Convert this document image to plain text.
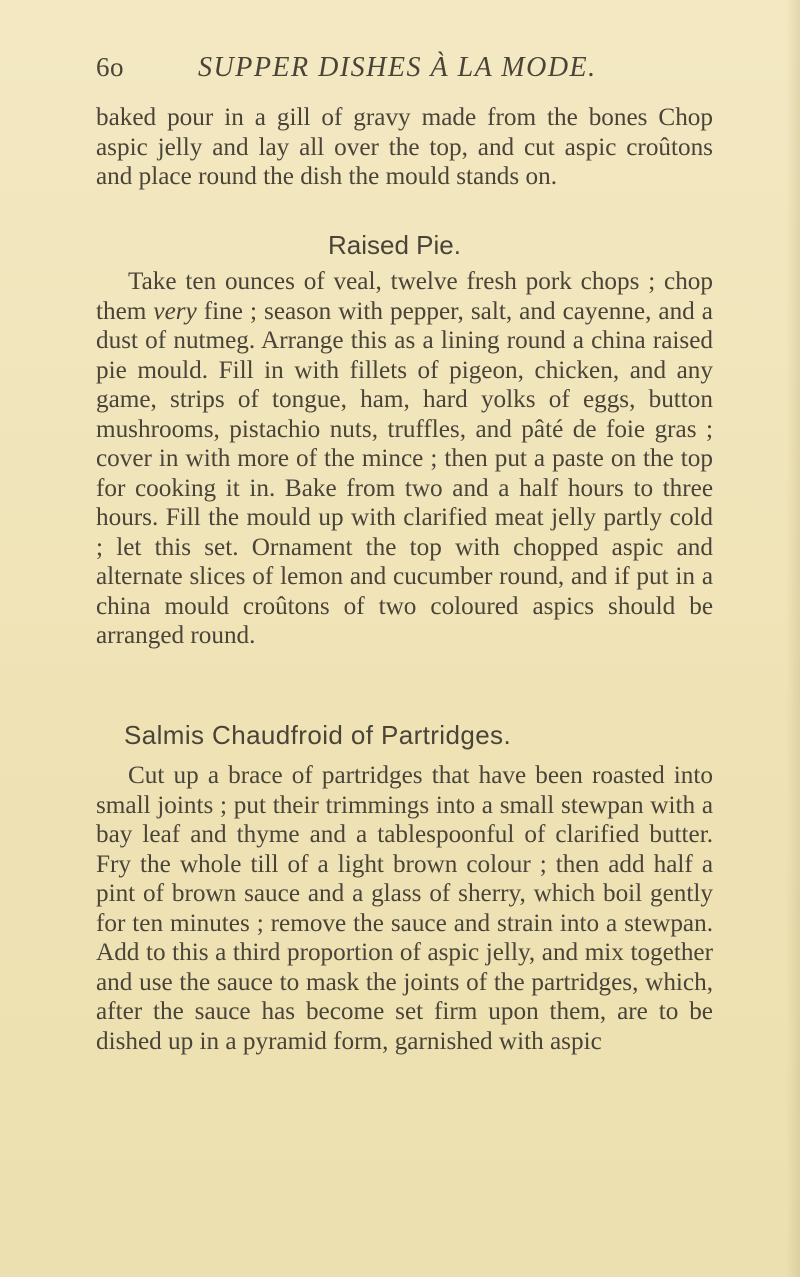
6o	SUPPER DISHES À LA MODE.

baked pour in a gill of gravy made from the bones Chop aspic jelly and lay all over the top, and cut aspic croûtons and place round the dish the mould stands on.

Raised Pie.

Take ten ounces of veal, twelve fresh pork chops ; chop them very fine ; season with pepper, salt, and cayenne, and a dust of nutmeg. Arrange this as a lining round a china raised pie mould. Fill in with fillets of pigeon, chicken, and any game, strips of tongue, ham, hard yolks of eggs, button mushrooms, pistachio nuts, truffles, and pâté de foie gras ; cover in with more of the mince ; then put a paste on the top for cooking it in. Bake from two and a half hours to three hours. Fill the mould up with clarified meat jelly partly cold ; let this set. Ornament the top with chopped aspic and alternate slices of lemon and cucumber round, and if put in a china mould croûtons of two coloured aspics should be arranged round.

Salmis Chaudfroid of Partridges.

Cut up a brace of partridges that have been roasted into small joints ; put their trimmings into a small stewpan with a bay leaf and thyme and a tablespoonful of clarified butter. Fry the whole till of a light brown colour ; then add half a pint of brown sauce and a glass of sherry, which boil gently for ten minutes ; remove the sauce and strain into a stewpan. Add to this a third proportion of aspic jelly, and mix together and use the sauce to mask the joints of the partridges, which, after the sauce has become set firm upon them, are to be dished up in a pyramid form, garnished with aspic
